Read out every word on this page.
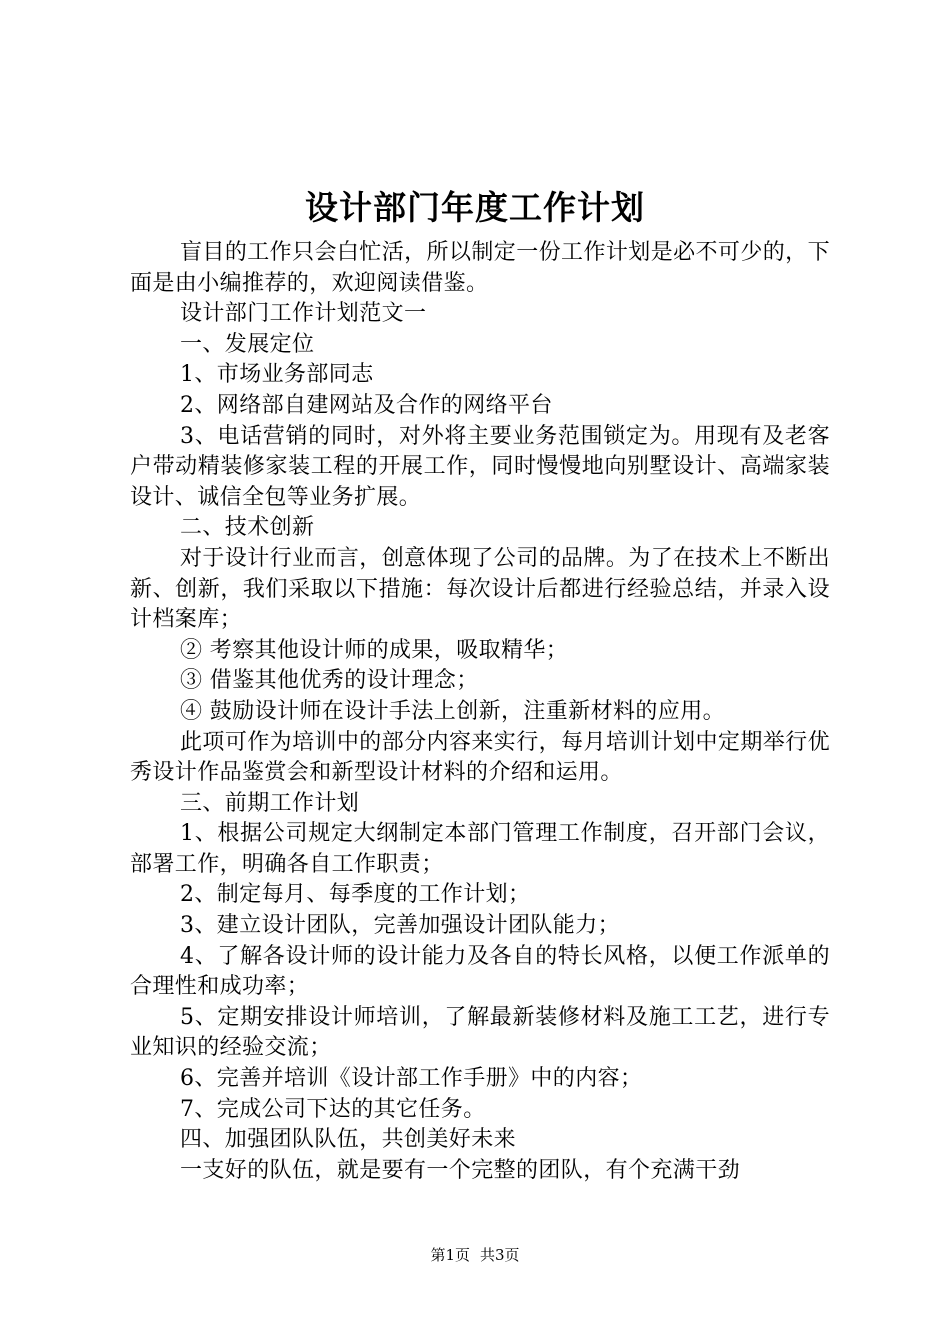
设计部门年度工作计划

盲目的工作只会白忙活，所以制定一份工作计划是必不可少的，下面是由小编推荐的，欢迎阅读借鉴。

设计部门工作计划范文一

一、发展定位

1、市场业务部同志

2、网络部自建网站及合作的网络平台

3、电话营销的同时，对外将主要业务范围锁定为。用现有及老客户带动精装修家装工程的开展工作，同时慢慢地向别墅设计、高端家装设计、诚信全包等业务扩展。

二、技术创新

对于设计行业而言，创意体现了公司的品牌。为了在技术上不断出新、创新，我们采取以下措施：每次设计后都进行经验总结，并录入设计档案库；

② 考察其他设计师的成果，吸取精华；

③ 借鉴其他优秀的设计理念；

④ 鼓励设计师在设计手法上创新，注重新材料的应用。

此项可作为培训中的部分内容来实行，每月培训计划中定期举行优秀设计作品鉴赏会和新型设计材料的介绍和运用。

三、前期工作计划

1、根据公司规定大纲制定本部门管理工作制度，召开部门会议，部署工作，明确各自工作职责；

2、制定每月、每季度的工作计划；

3、建立设计团队，完善加强设计团队能力；

4、了解各设计师的设计能力及各自的特长风格，以便工作派单的合理性和成功率；

5、定期安排设计师培训，了解最新装修材料及施工工艺，进行专业知识的经验交流；

6、完善并培训《设计部工作手册》中的内容；

7、完成公司下达的其它任务。

四、加强团队队伍，共创美好未来

一支好的队伍，就是要有一个完整的团队，有个充满干劲

第1页 共3页
